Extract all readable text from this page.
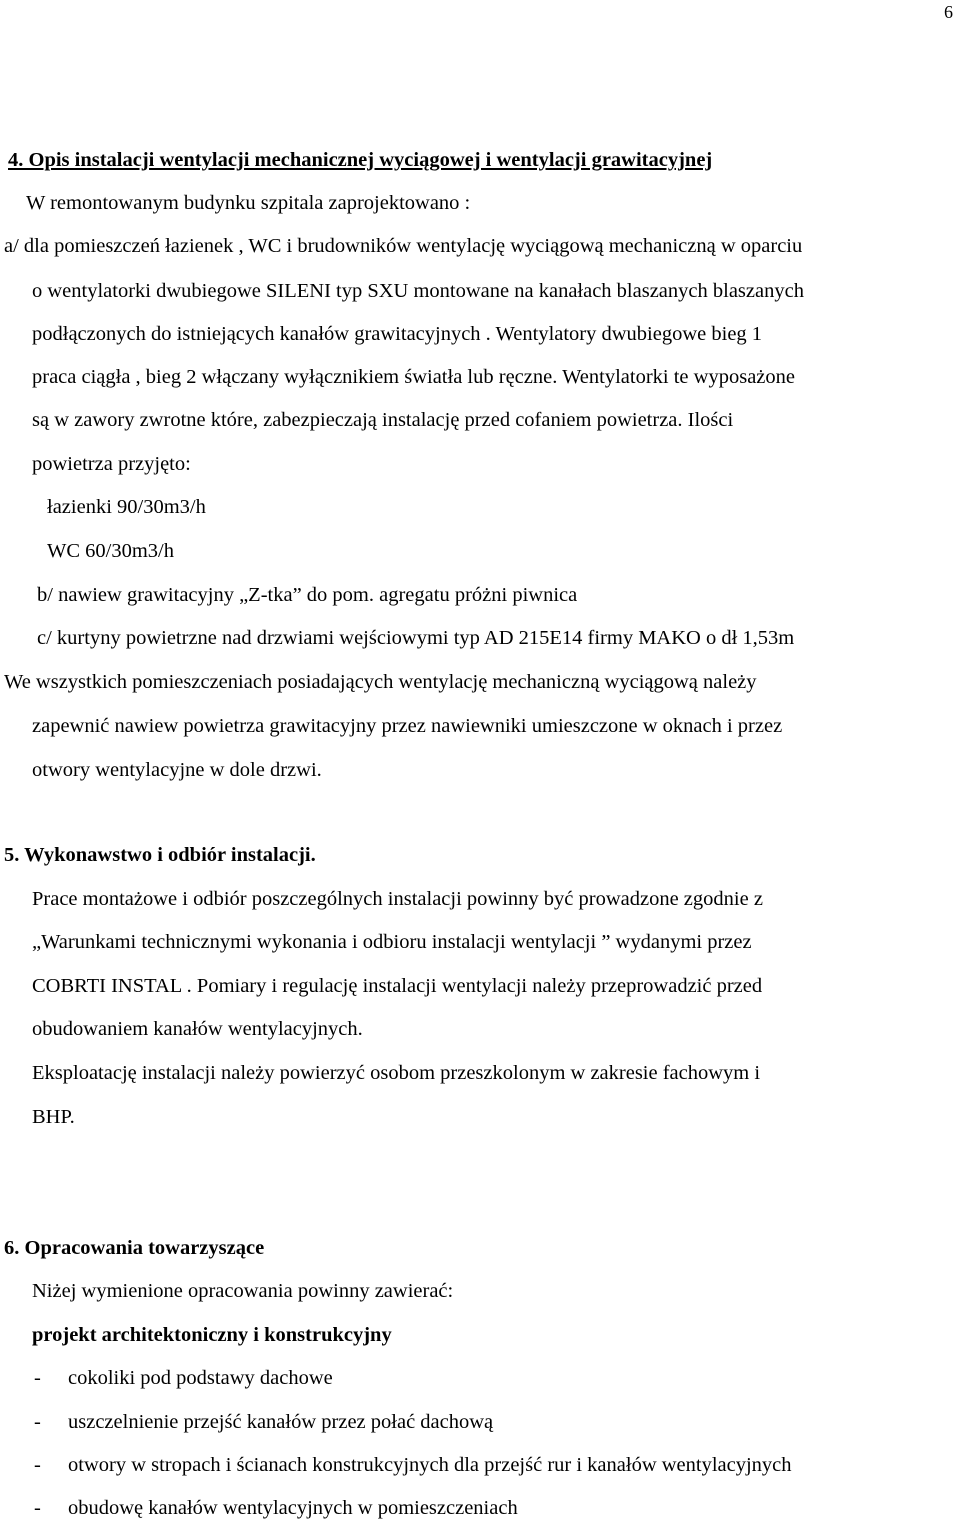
6
4. Opis instalacji wentylacji mechanicznej wyciągowej i wentylacji grawitacyjnej
W remontowanym budynku szpitala zaprojektowano :
a/ dla pomieszczeń łazienek , WC i brudowników wentylację wyciągową mechaniczną w oparciu
o wentylatorki dwubiegowe SILENI typ SXU montowane na kanałach blaszanych blaszanych
podłączonych do istniejących kanałów grawitacyjnych . Wentylatory dwubiegowe bieg 1
praca ciągła , bieg 2 włączany wyłącznikiem światła lub ręczne. Wentylatorki te wyposażone
są w zawory zwrotne które, zabezpieczają instalację przed cofaniem powietrza. Ilości
powietrza przyjęto:
łazienki 90/30m3/h
WC 60/30m3/h
b/ nawiew grawitacyjny „Z-tka” do pom. agregatu próżni piwnica
c/ kurtyny powietrzne nad drzwiami wejściowymi typ AD 215E14 firmy MAKO o dł 1,53m
We wszystkich pomieszczeniach posiadających wentylację mechaniczną wyciągową należy
zapewnić nawiew powietrza grawitacyjny przez nawiewniki umieszczone w oknach i przez
otwory wentylacyjne w dole drzwi.
5. Wykonawstwo i odbiór instalacji.
Prace montażowe i odbiór poszczególnych instalacji powinny być prowadzone zgodnie z
„Warunkami technicznymi wykonania i odbioru instalacji wentylacji ” wydanymi przez
COBRTI INSTAL . Pomiary i regulację instalacji wentylacji należy przeprowadzić przed
obudowaniem kanałów wentylacyjnych.
Eksploatację instalacji należy powierzyć osobom przeszkolonym w zakresie fachowym i
BHP.
6. Opracowania towarzyszące
Niżej wymienione opracowania powinny zawierać:
projekt architektoniczny i konstrukcyjny
- cokoliki pod podstawy dachowe
- uszczelnienie przejść kanałów przez połać dachową
- otwory w stropach i ścianach konstrukcyjnych dla przejść rur i kanałów wentylacyjnych
- obudowę kanałów wentylacyjnych w pomieszczeniach
